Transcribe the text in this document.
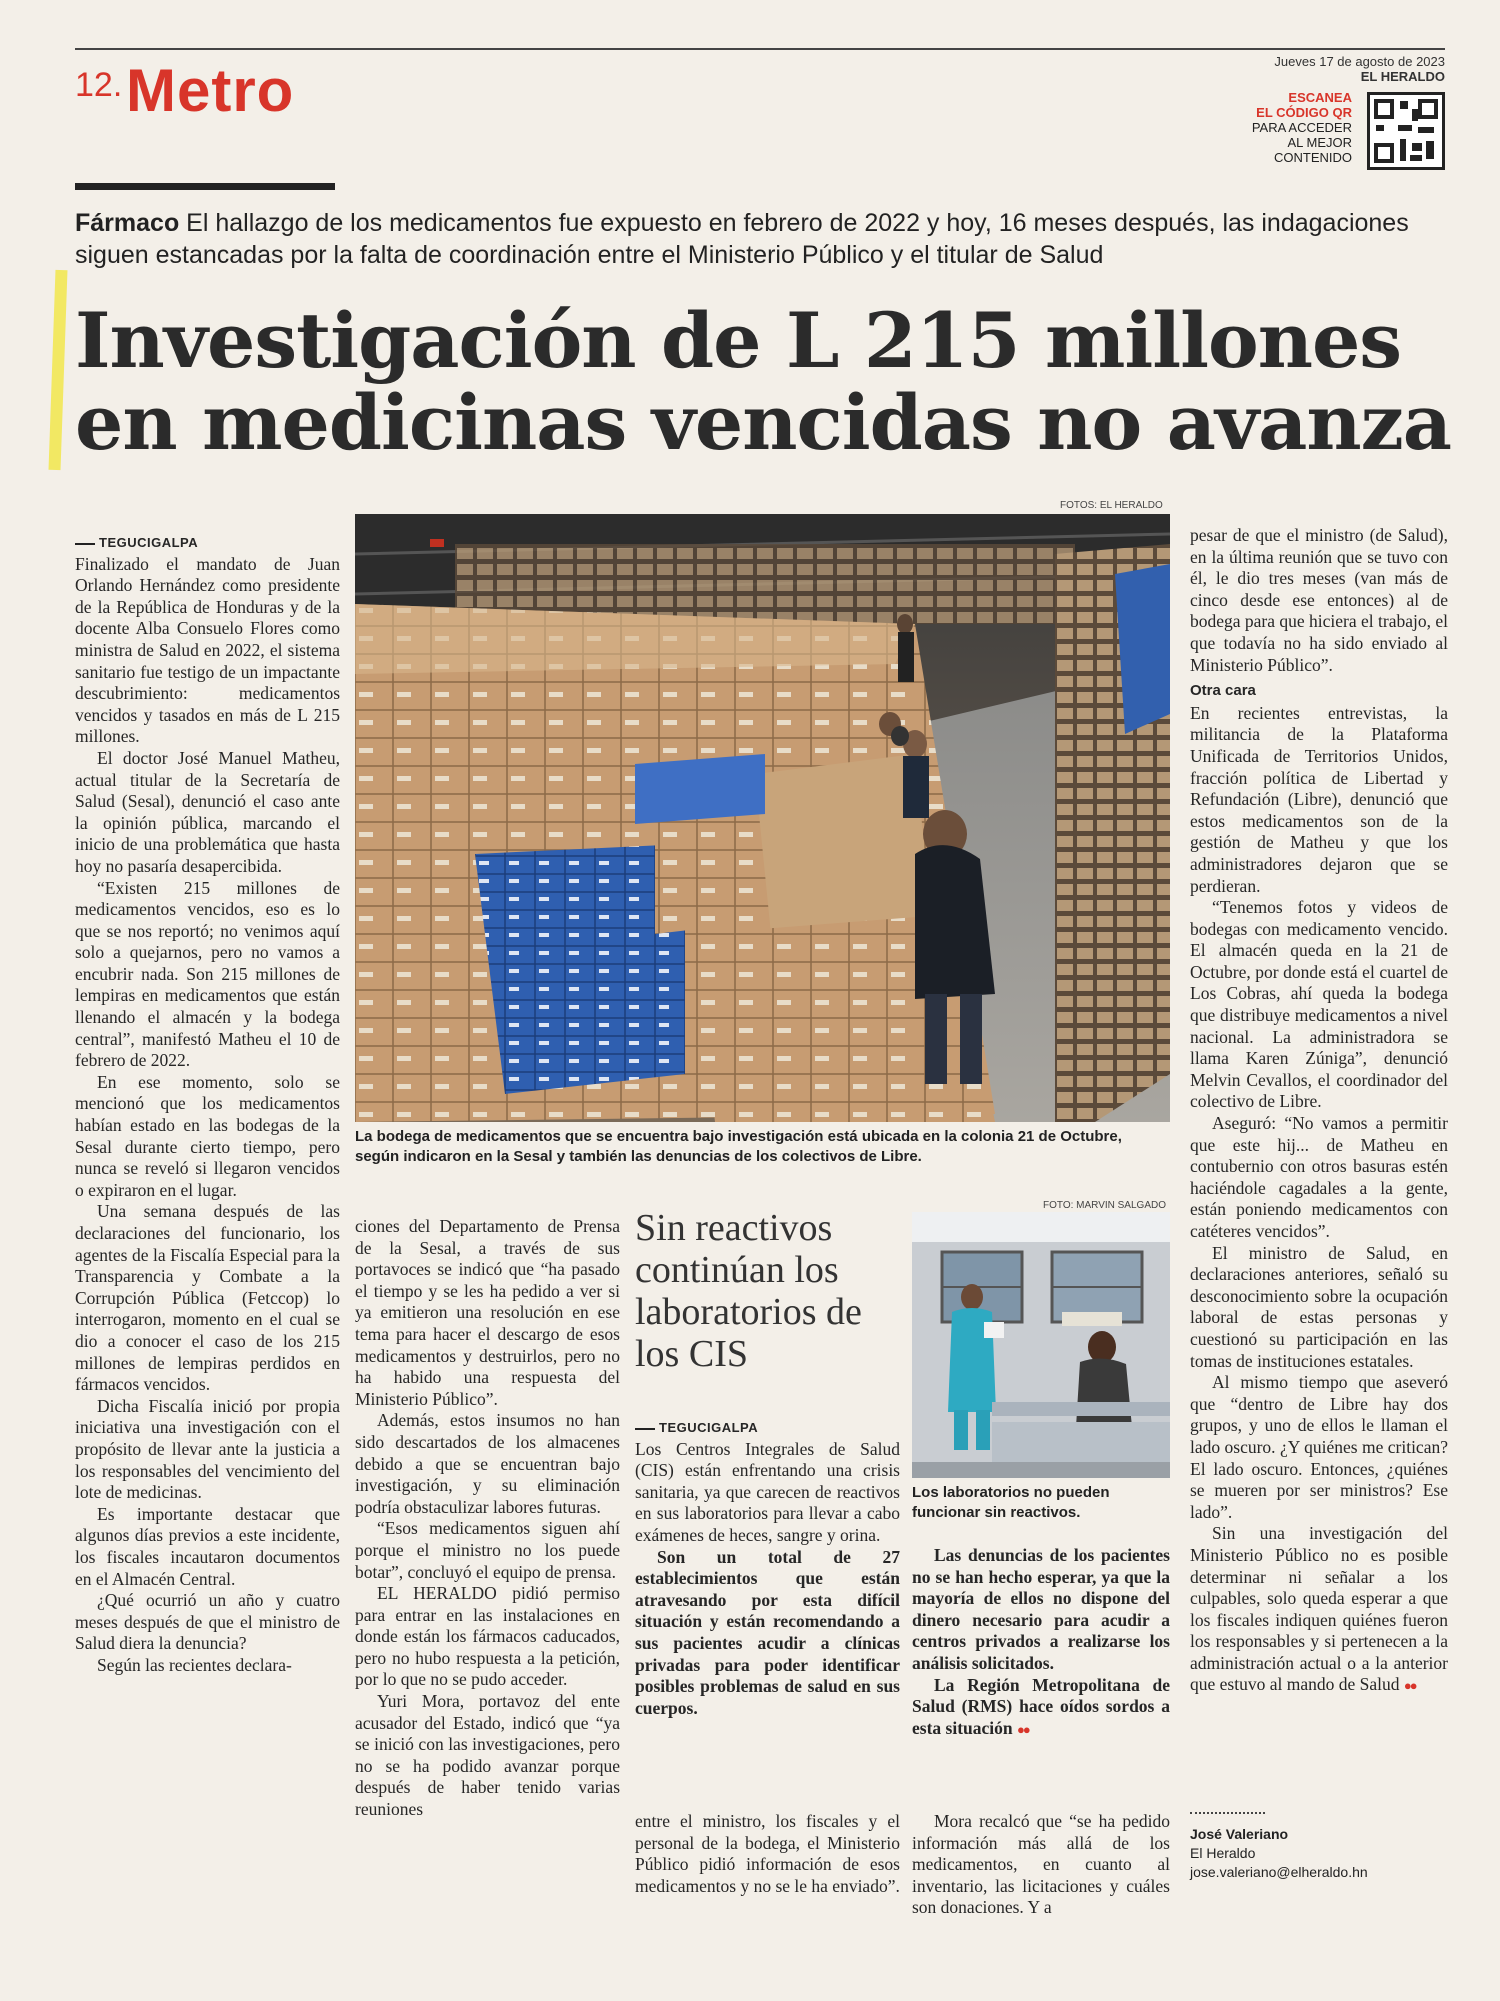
12. Metro	Jueves 17 de agosto de 2023
EL HERALDO
ESCANEA
EL CÓDIGO QR
PARA ACCEDER
AL MEJOR
CONTENIDO
Fármaco El hallazgo de los medicamentos fue expuesto en febrero de 2022 y hoy, 16 meses después, las indagaciones siguen estancadas por la falta de coordinación entre el Ministerio Público y el titular de Salud
Investigación de L 215 millones
en medicinas vencidas no avanza
FOTOS: EL HERALDO
La bodega de medicamentos que se encuentra bajo investigación está ubicada en la colonia 21 de Octubre, según indicaron en la Sesal y también las denuncias de los colectivos de Libre.
TEGUCIGALPA

Finalizado el mandato de Juan Orlando Hernández como presidente de la República de Honduras y de la docente Alba Consuelo Flores como ministra de Salud en 2022, el sistema sanitario fue testigo de un impactante descubrimiento: medicamentos vencidos y tasados en más de L 215 millones.

El doctor José Manuel Matheu, actual titular de la Secretaría de Salud (Sesal), denunció el caso ante la opinión pública, marcando el inicio de una problemática que hasta hoy no pasaría desapercibida.

“Existen 215 millones de medicamentos vencidos, eso es lo que se nos reportó; no venimos aquí solo a quejarnos, pero no vamos a encubrir nada. Son 215 millones de lempiras en medicamentos que están llenando el almacén y la bodega central”, manifestó Matheu el 10 de febrero de 2022.

En ese momento, solo se mencionó que los medicamentos habían estado en las bodegas de la Sesal durante cierto tiempo, pero nunca se reveló si llegaron vencidos o expiraron en el lugar.

Una semana después de las declaraciones del funcionario, los agentes de la Fiscalía Especial para la Transparencia y Combate a la Corrupción Pública (Fetccop) lo interrogaron, momento en el cual se dio a conocer el caso de los 215 millones de lempiras perdidos en fármacos vencidos.

Dicha Fiscalía inició por propia iniciativa una investigación con el propósito de llevar ante la justicia a los responsables del vencimiento del lote de medicinas.

Es importante destacar que algunos días previos a este incidente, los fiscales incautaron documentos en el Almacén Central.

¿Qué ocurrió un año y cuatro meses después de que el ministro de Salud diera la denuncia?

Según las recientes declara-

ciones del Departamento de Prensa de la Sesal, a través de sus portavoces se indicó que “ha pasado el tiempo y se les ha pedido a ver si ya emitieron una resolución en ese tema para hacer el descargo de esos medicamentos y destruirlos, pero no ha habido una respuesta del Ministerio Público”.

Además, estos insumos no han sido descartados de los almacenes debido a que se encuentran bajo investigación, y su eliminación podría obstaculizar labores futuras.

“Esos medicamentos siguen ahí porque el ministro no los puede botar”, concluyó el equipo de prensa.

EL HERALDO pidió permiso para entrar en las instalaciones en donde están los fármacos caducados, pero no hubo respuesta a la petición, por lo que no se pudo acceder.

Yuri Mora, portavoz del ente acusador del Estado, indicó que “ya se inició con las investigaciones, pero no se ha podido avanzar porque después de haber tenido varias reuniones

Sin reactivos continúan los laboratorios de los CIS
TEGUCIGALPA

Los Centros Integrales de Salud (CIS) están enfrentando una crisis sanitaria, ya que carecen de reactivos en sus laboratorios para llevar a cabo exámenes de heces, sangre y orina.

Son un total de 27 establecimientos que están atravesando por esta difícil situación y están recomendando a sus pacientes acudir a clínicas privadas para poder identificar posibles problemas de salud en sus cuerpos.

FOTO: MARVIN SALGADO
Los laboratorios no pueden funcionar sin reactivos.

Las denuncias de los pacientes no se han hecho esperar, ya que la mayoría de ellos no dispone del dinero necesario para acudir a centros privados a realizarse los análisis solicitados.

La Región Metropolitana de Salud (RMS) hace oídos sordos a esta situación ●●

entre el ministro, los fiscales y el personal de la bodega, el Ministerio Público pidió información de esos medicamentos y no se le ha enviado”.

Mora recalcó que “se ha pedido información más allá de los medicamentos, en cuanto al inventario, las licitaciones y cuáles son donaciones. Y a

pesar de que el ministro (de Salud), en la última reunión que se tuvo con él, le dio tres meses (van más de cinco desde ese entonces) al de bodega para que hiciera el trabajo, el que todavía no ha sido enviado al Ministerio Público”.

Otra cara

En recientes entrevistas, la militancia de la Plataforma Unificada de Territorios Unidos, fracción política de Libertad y Refundación (Libre), denunció que estos medicamentos son de la gestión de Matheu y que los administradores dejaron que se perdieran.

“Tenemos fotos y videos de bodegas con medicamento vencido. El almacén queda en la 21 de Octubre, por donde está el cuartel de Los Cobras, ahí queda la bodega que distribuye medicamentos a nivel nacional. La administradora se llama Karen Zúniga”, denunció Melvin Cevallos, el coordinador del colectivo de Libre.

Aseguró: “No vamos a permitir que este hij... de Matheu en contubernio con otros basuras estén haciéndole cagadales a la gente, están poniendo medicamentos con catéteres vencidos”.

El ministro de Salud, en declaraciones anteriores, señaló su desconocimiento sobre la ocupación laboral de estas personas y cuestionó su participación en las tomas de instituciones estatales.

Al mismo tiempo que aseveró que “dentro de Libre hay dos grupos, y uno de ellos le llaman el lado oscuro. ¿Y quiénes me critican? El lado oscuro. Entonces, ¿quiénes se mueren por ser ministros? Ese lado”.

Sin una investigación del Ministerio Público no es posible determinar ni señalar a los culpables, solo queda esperar a que los fiscales indiquen quiénes fueron los responsables y si pertenecen a la administración actual o a la anterior que estuvo al mando de Salud ●●

José Valeriano
El Heraldo
jose.valeriano@elheraldo.hn
